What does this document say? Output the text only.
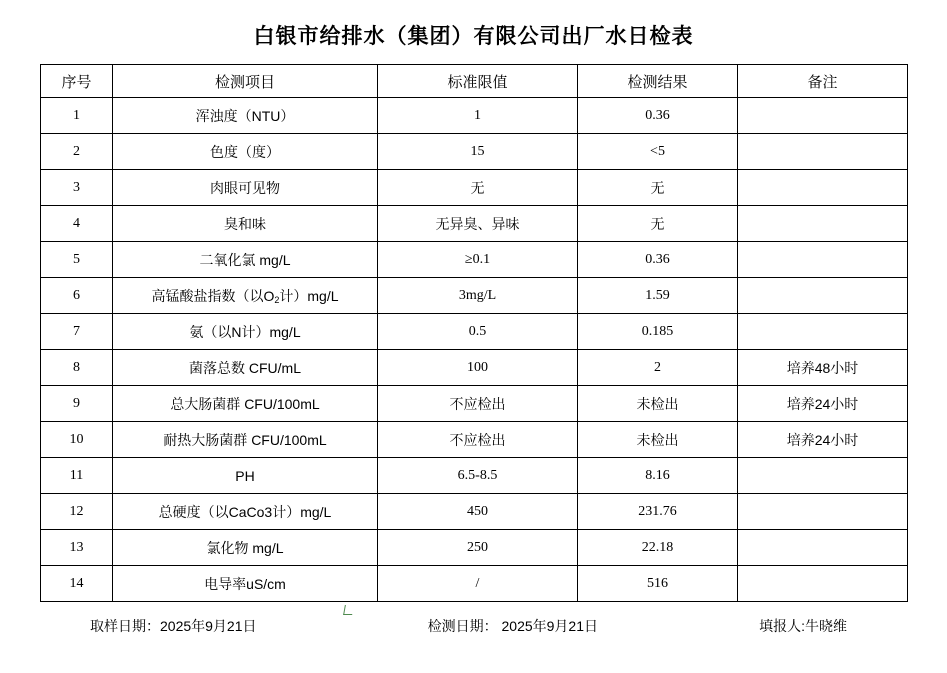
白银市给排水（集团）有限公司出厂水日检表
序号	检测项目	标准限值	检测结果	备注
1	浑浊度（NTU）	1	0.36	
2	色度（度）	15	<5	
3	肉眼可见物	无	无	
4	臭和味	无异臭、异味	无	
5	二氧化氯 mg/L	≥0.1	0.36	
6	高锰酸盐指数（以$O_2$计）mg/L	3mg/L	1.59	
7	氨（以N计）mg/L	0.5	0.185	
8	菌落总数 CFU/mL	100	2	培养48小时
9	总大肠菌群 CFU/100mL	不应检出	未检出	培养24小时
10	耐热大肠菌群 CFU/100mL	不应检出	未检出	培养24小时
11	PH	6.5-8.5	8.16	
12	总硬度（以CaCo3计）mg/L	450	231.76	
13	氯化物 mg/L	250	22.18	
14	电导率uS/cm	/	516	
取样日期：2025年9月21日	检测日期： 2025年9月21日	填报人:牛晓维
